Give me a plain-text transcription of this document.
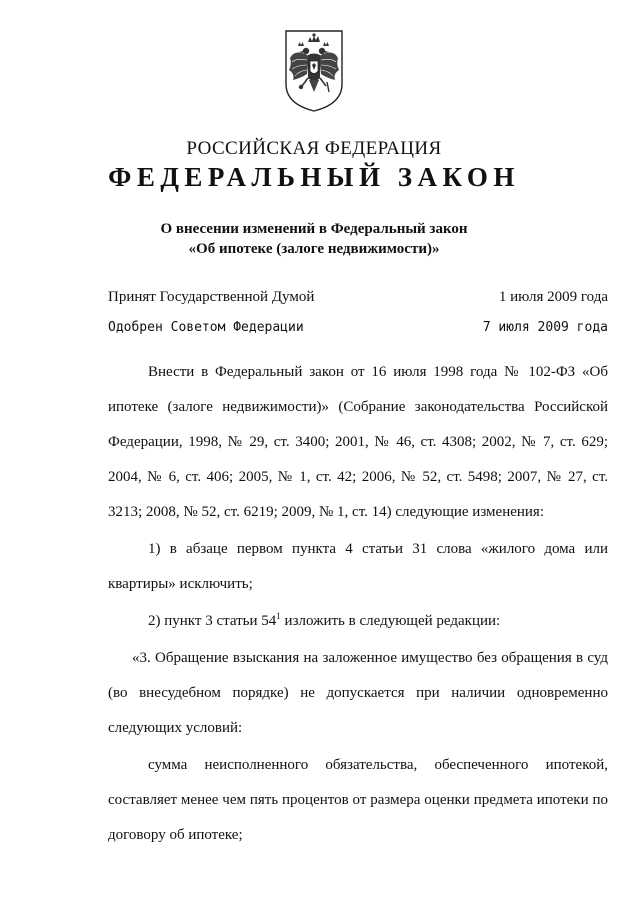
РОССИЙСКАЯ ФЕДЕРАЦИЯ
ФЕДЕРАЛЬНЫЙ ЗАКОН
О внесении изменений в Федеральный закон
«Об ипотеке (залоге недвижимости)»
Принят Государственной Думой	1 июля 2009 года
Одобрен Советом Федерации	7 июля 2009 года

Внести в Федеральный закон от 16 июля 1998 года № 102-ФЗ «Об ипотеке (залоге недвижимости)» (Собрание законодательства Российской Федерации, 1998, № 29, ст. 3400; 2001, № 46, ст. 4308; 2002, № 7, ст. 629; 2004, № 6, ст. 406; 2005, № 1, ст. 42; 2006, № 52, ст. 5498; 2007, № 27, ст. 3213; 2008, № 52, ст. 6219; 2009, № 1, ст. 14) следующие изменения:

1) в абзаце первом пункта 4 статьи 31 слова «жилого дома или квартиры» исключить;

2) пункт 3 статьи $54^1$ изложить в следующей редакции:

«3. Обращение взыскания на заложенное имущество без обращения в суд (во внесудебном порядке) не допускается при наличии одновременно следующих условий:

сумма неисполненного обязательства, обеспеченного ипотекой, составляет менее чем пять процентов от размера оценки предмета ипотеки по договору об ипотеке;
